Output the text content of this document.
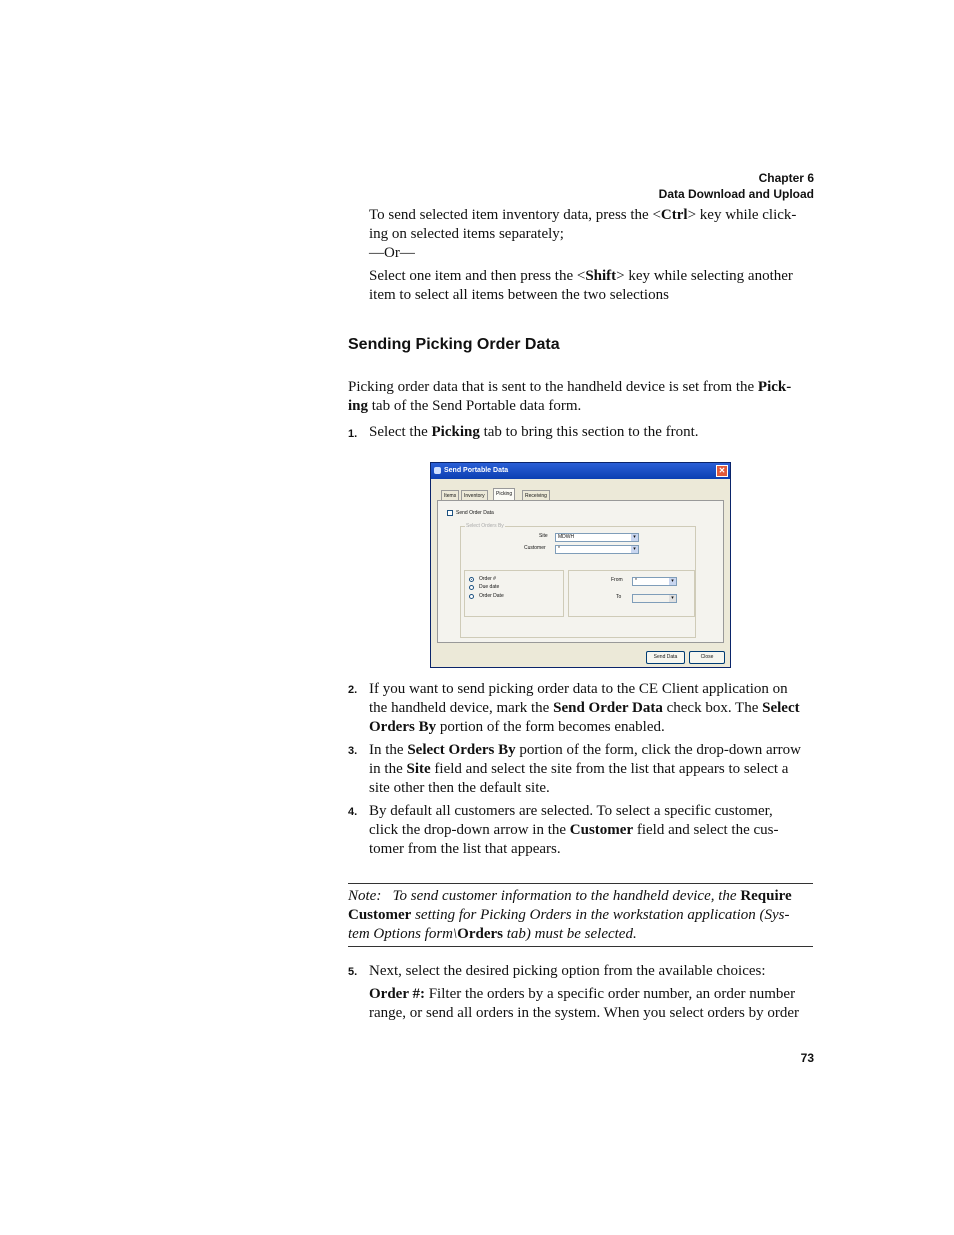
Chapter 6
Data Download and Upload
To send selected item inventory data, press the <Ctrl> key while click-
ing on selected items separately;
—Or—
Select one item and then press the <Shift> key while selecting another
item to select all items between the two selections
Sending Picking Order Data
Picking order data that is sent to the handheld device is set from the Pick-
ing tab of the Send Portable data form.
1. Select the Picking tab to bring this section to the front.
Send Portable Data	✕
Items	Inventory	Picking	Receiving
Send Order Data
Select Orders By
Site	MDWH	▾
Customer	*	▾
Order #
Due date
Order Date
From	*	▾
To	▾
Send Data	Close
2. If you want to send picking order data to the CE Client application on
the handheld device, mark the Send Order Data check box. The Select
Orders By portion of the form becomes enabled.
3. In the Select Orders By portion of the form, click the drop-down arrow
in the Site field and select the site from the list that appears to select a
site other then the default site.
4. By default all customers are selected. To select a specific customer,
click the drop-down arrow in the Customer field and select the cus-
tomer from the list that appears.
Note: To send customer information to the handheld device, the Require
Customer setting for Picking Orders in the workstation application (Sys-
tem Options form\Orders tab) must be selected.
5. Next, select the desired picking option from the available choices:
Order #: Filter the orders by a specific order number, an order number
range, or send all orders in the system. When you select orders by order
73
